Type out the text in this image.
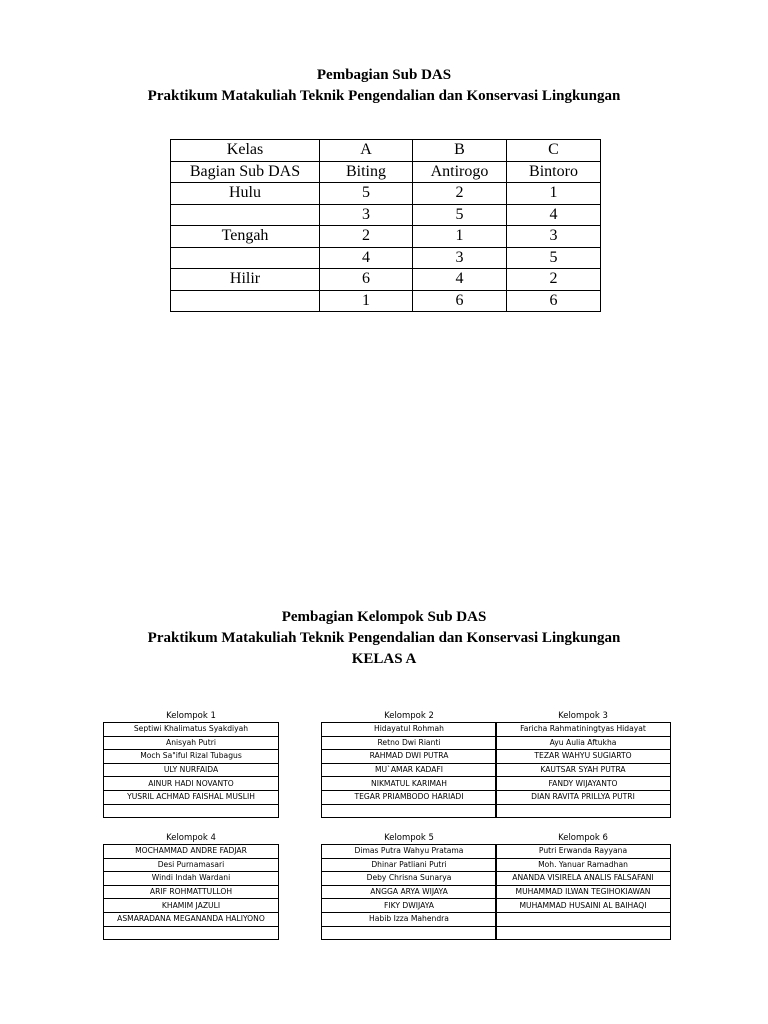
Pembagian Sub DAS
Praktikum Matakuliah Teknik Pengendalian dan Konservasi Lingkungan
Kelas	A	B	C
Bagian Sub DAS	Biting	Antirogo	Bintoro
Hulu	5	2	1
	3	5	4
Tengah	2	1	3
	4	3	5
Hilir	6	4	2
	1	6	6
Pembagian Kelompok Sub DAS
Praktikum Matakuliah Teknik Pengendalian dan Konservasi Lingkungan
KELAS A
Kelompok 1
Septiwi Khalimatus Syakdiyah
Anisyah Putri
Moch Sa"iful Rizal Tubagus
ULY NURFAIDA
AINUR HADI NOVANTO
YUSRIL ACHMAD FAISHAL MUSLIH

Kelompok 2
Hidayatul Rohmah
Retno Dwi Rianti
RAHMAD DWI PUTRA
MU`AMAR KADAFI
NIKMATUL KARIMAH
TEGAR PRIAMBODO HARIADI

Kelompok 3
Faricha Rahmatiningtyas Hidayat
Ayu Aulia Aftukha
TEZAR WAHYU SUGIARTO
KAUTSAR SYAH PUTRA
FANDY WIJAYANTO
DIAN RAVITA PRILLYA PUTRI

Kelompok 4
MOCHAMMAD ANDRE FADJAR
Desi Purnamasari
Windi Indah Wardani
ARIF ROHMATTULLOH
KHAMIM JAZULI
ASMARADANA MEGANANDA HALIYONO

Kelompok 5
Dimas Putra Wahyu Pratama
Dhinar Patliani Putri
Deby Chrisna Sunarya
ANGGA ARYA WIJAYA
FIKY DWIJAYA
Habib Izza Mahendra

Kelompok 6
Putri Erwanda Rayyana
Moh. Yanuar Ramadhan
ANANDA VISIRELA ANALIS FALSAFANI
MUHAMMAD ILWAN TEGIHOKIAWAN
MUHAMMAD HUSAINI AL BAIHAQI
